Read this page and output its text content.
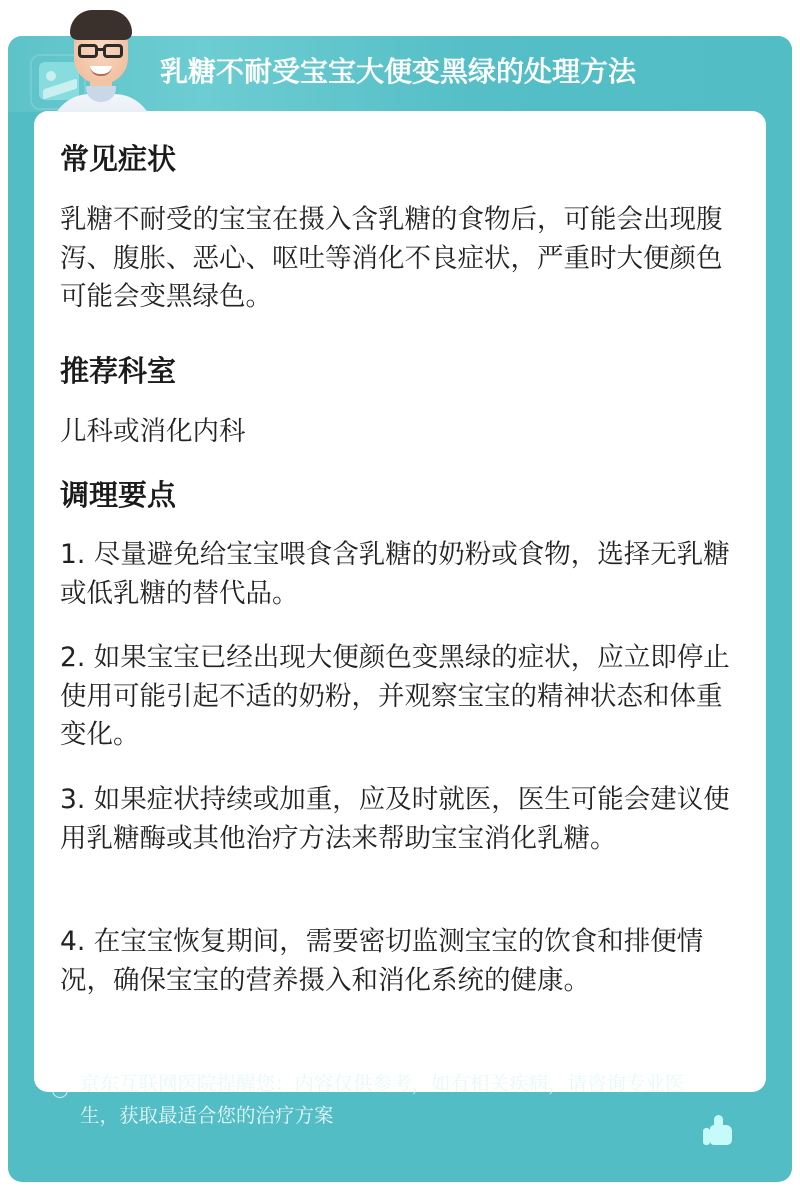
乳糖不耐受宝宝大便变黑绿的处理方法
常见症状
乳糖不耐受的宝宝在摄入含乳糖的食物后，可能会出现腹泻、腹胀、恶心、呕吐等消化不良症状，严重时大便颜色可能会变黑绿色。
推荐科室
儿科或消化内科
调理要点
1. 尽量避免给宝宝喂食含乳糖的奶粉或食物，选择无乳糖或低乳糖的替代品。
2. 如果宝宝已经出现大便颜色变黑绿的症状，应立即停止使用可能引起不适的奶粉，并观察宝宝的精神状态和体重变化。
3. 如果症状持续或加重，应及时就医，医生可能会建议使用乳糖酶或其他治疗方法来帮助宝宝消化乳糖。
4. 在宝宝恢复期间，需要密切监测宝宝的饮食和排便情况，确保宝宝的营养摄入和消化系统的健康。
! 京东互联网医院提醒您：内容仅供参考，如有相关疾病，请咨询专业医生，获取最适合您的治疗方案
